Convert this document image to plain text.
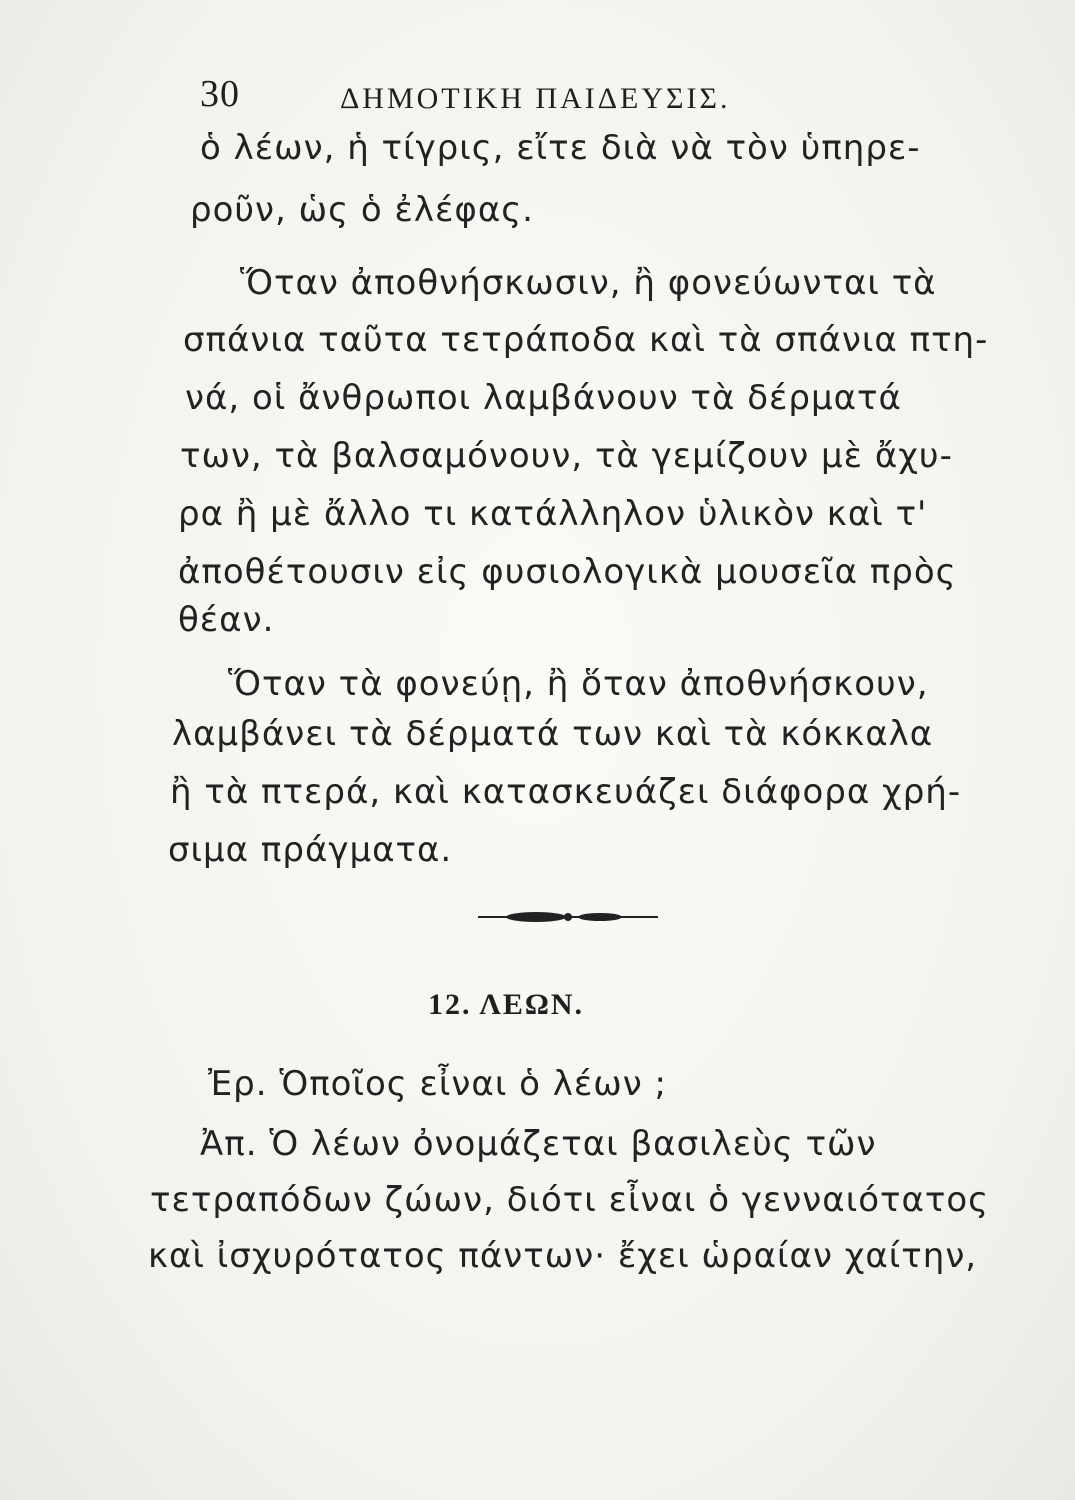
30	ΔΗΜΟΤΙΚΗ ΠΑΙΔΕΥΣΙΣ.
ὁ λέων, ἡ τίγρις, εἴτε διὰ νὰ τὸν ὑπηρε-
ροῦν, ὡς ὁ ἐλέφας.
Ὅταν ἀποθνήσκωσιν, ἢ φονεύωνται τὰ
σπάνια ταῦτα τετράποδα καὶ τὰ σπάνια πτη-
νά, οἱ ἄνθρωποι λαμβάνουν τὰ δέρματά
των, τὰ βαλσαμόνουν, τὰ γεμίζουν μὲ ἄχυ-
ρα ἢ μὲ ἄλλο τι κατάλληλον ὑλικὸν καὶ τ'
ἀποθέτουσιν εἰς φυσιολογικὰ μουσεῖα πρὸς
θέαν.
Ὅταν τὰ φονεύῃ, ἢ ὅταν ἀποθνήσκουν,
λαμβάνει τὰ δέρματά των καὶ τὰ κόκκαλα
ἢ τὰ πτερά, καὶ κατασκευάζει διάφορα χρή-
σιμα πράγματα.
12. ΛΕΩΝ.
Ἐρ. Ὁποῖος εἶναι ὁ λέων ;
Ἀπ. Ὁ λέων ὀνομάζεται βασιλεὺς τῶν
τετραπόδων ζώων, διότι εἶναι ὁ γενναιότατος
καὶ ἰσχυρότατος πάντων· ἔχει ὡραίαν χαίτην,
